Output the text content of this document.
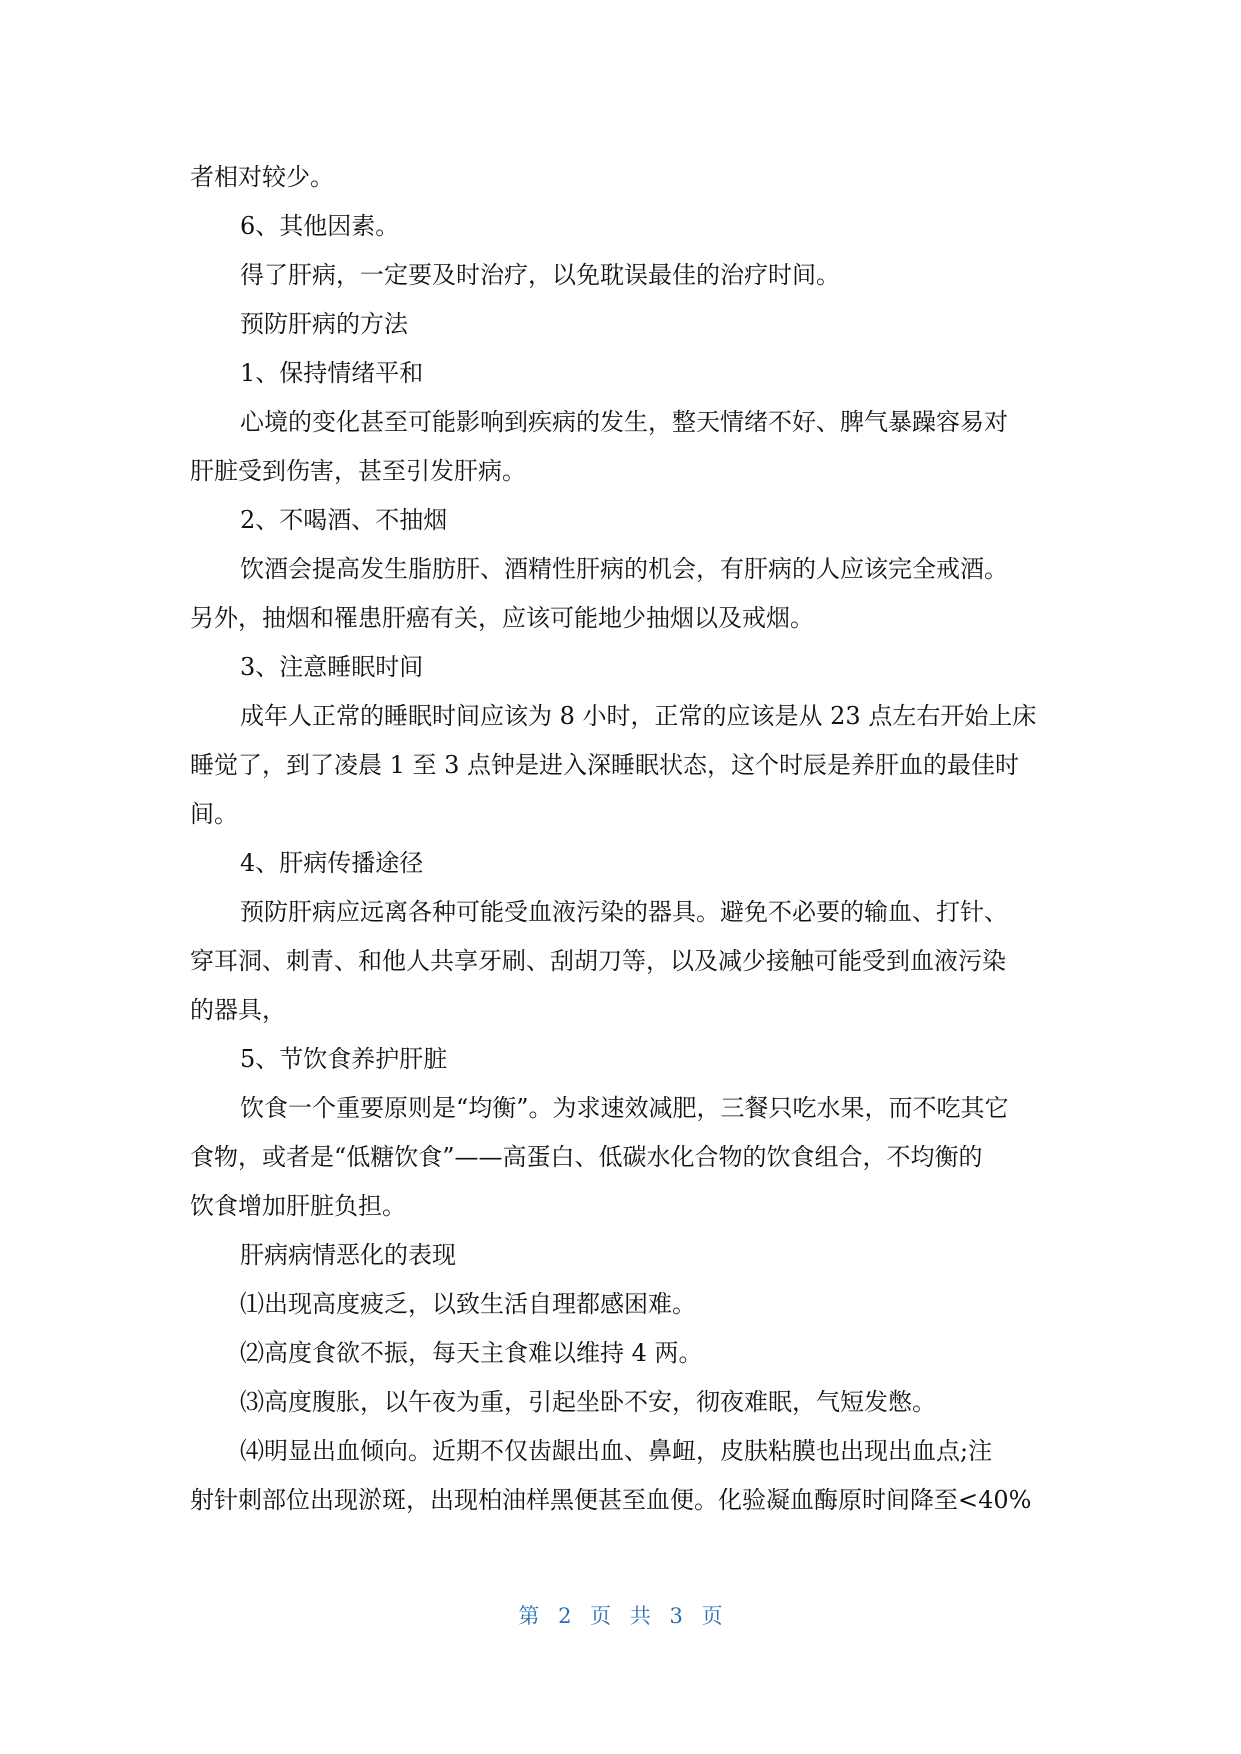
者相对较少。
6、其他因素。
得了肝病，一定要及时治疗，以免耽误最佳的治疗时间。
预防肝病的方法
1、保持情绪平和
心境的变化甚至可能影响到疾病的发生，整天情绪不好、脾气暴躁容易对
肝脏受到伤害，甚至引发肝病。
2、不喝酒、不抽烟
饮酒会提高发生脂肪肝、酒精性肝病的机会，有肝病的人应该完全戒酒。
另外，抽烟和罹患肝癌有关，应该可能地少抽烟以及戒烟。
3、注意睡眠时间
成年人正常的睡眠时间应该为 8 小时，正常的应该是从 23 点左右开始上床
睡觉了，到了凌晨 1 至 3 点钟是进入深睡眠状态，这个时辰是养肝血的最佳时
间。
4、肝病传播途径
预防肝病应远离各种可能受血液污染的器具。避免不必要的输血、打针、
穿耳洞、刺青、和他人共享牙刷、刮胡刀等，以及减少接触可能受到血液污染
的器具，
5、节饮食养护肝脏
饮食一个重要原则是“均衡”。为求速效减肥，三餐只吃水果，而不吃其它
食物，或者是“低糖饮食”——高蛋白、低碳水化合物的饮食组合，不均衡的
饮食增加肝脏负担。
肝病病情恶化的表现
⑴出现高度疲乏，以致生活自理都感困难。
⑵高度食欲不振，每天主食难以维持 4 两。
⑶高度腹胀，以午夜为重，引起坐卧不安，彻夜难眠，气短发憋。
⑷明显出血倾向。近期不仅齿龈出血、鼻衄，皮肤粘膜也出现出血点;注
射针刺部位出现淤斑，出现柏油样黑便甚至血便。化验凝血酶原时间降至<40%
第 2 页 共 3 页
